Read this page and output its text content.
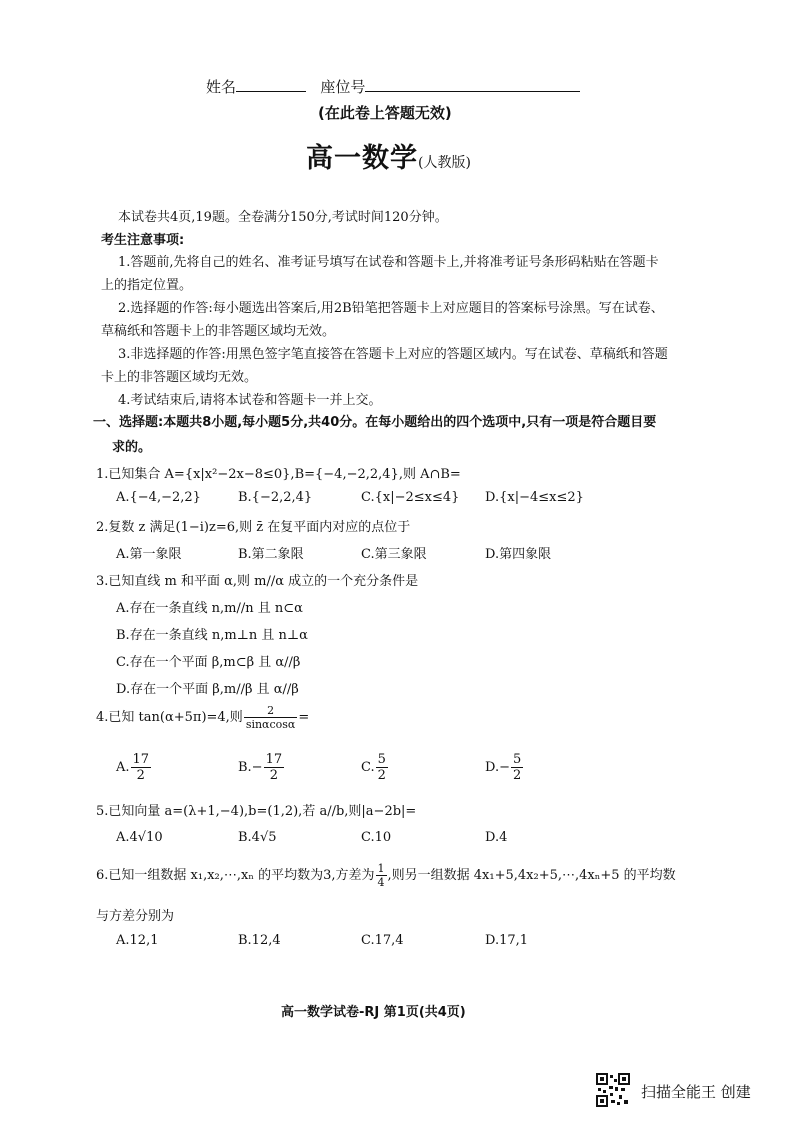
姓名	座位号
(在此卷上答题无效)
高一数学(人教版)
本试卷共4页,19题。全卷满分150分,考试时间120分钟。
考生注意事项:
1.答题前,先将自己的姓名、准考证号填写在试卷和答题卡上,并将准考证号条形码粘贴在答题卡
上的指定位置。
2.选择题的作答:每小题选出答案后,用2B铅笔把答题卡上对应题目的答案标号涂黑。写在试卷、
草稿纸和答题卡上的非答题区域均无效。
3.非选择题的作答:用黑色签字笔直接答在答题卡上对应的答题区域内。写在试卷、草稿纸和答题
卡上的非答题区域均无效。
4.考试结束后,请将本试卷和答题卡一并上交。
一、选择题:本题共8小题,每小题5分,共40分。在每小题给出的四个选项中,只有一项是符合题目要
求的。
1.已知集合 A={x|x²−2x−8≤0},B={−4,−2,2,4},则 A∩B=
A.{−4,−2,2}	B.{−2,2,4}	C.{x|−2≤x≤4} D.{x|−4≤x≤2}
2.复数 z 满足(1−i)z=6,则 z̄ 在复平面内对应的点位于
A.第一象限	B.第二象限	C.第三象限	D.第四象限
3.已知直线 m 和平面 α,则 m//α 成立的一个充分条件是
A.存在一条直线 n,m//n 且 n⊂α
B.存在一条直线 n,m⊥n 且 n⊥α
C.存在一个平面 β,m⊂β 且 α//β
D.存在一个平面 β,m//β 且 α//β
4.已知 tan(α+5π)=4,则 $\frac{2}{\sin\alpha\cos\alpha}$ =
A. $\frac{17}{2}$	$B.- \frac{17}{2}$	C. $\frac{5}{2}$	$D.- \frac{5}{2}$
5.已知向量 a=(λ+1,−4),b=(1,2),若 a//b,则|a−2b|=
A.4√10	B.4√5	C.10	D.4
6.已知一组数据 x₁,x₂,⋯,xₙ 的平均数为3,方差为 $\frac{1}{4}$ ,则另一组数据 4x₁+5,4x₂+5,⋯,4xₙ+5 的平均数
与方差分别为
A.12,1	B.12,4	C.17,4	D.17,1
高一数学试卷-RJ 第1页(共4页)
扫描全能王 创建
